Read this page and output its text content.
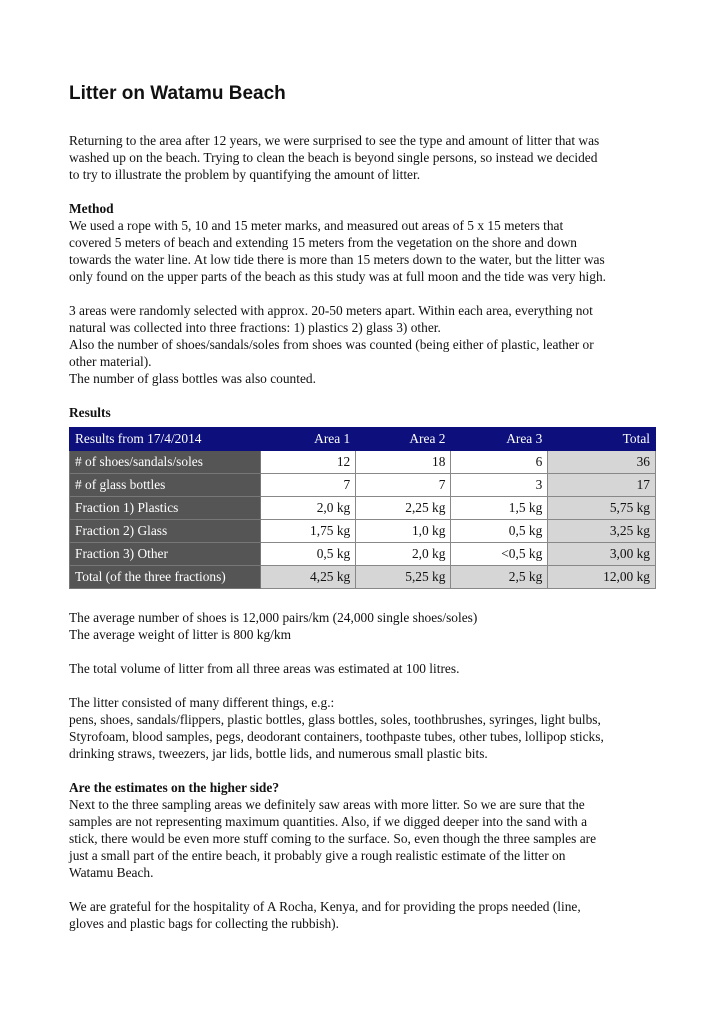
Litter on Watamu Beach

Returning to the area after 12 years, we were surprised to see the type and amount of litter that was
washed up on the beach. Trying to clean the beach is beyond single persons, so instead we decided
to try to illustrate the problem by quantifying the amount of litter.

Method
We used a rope with 5, 10 and 15 meter marks, and measured out areas of 5 x 15 meters that
covered 5 meters of beach and extending 15 meters from the vegetation on the shore and down
towards the water line. At low tide there is more than 15 meters down to the water, but the litter was
only found on the upper parts of the beach as this study was at full moon and the tide was very high.

3 areas were randomly selected with approx. 20-50 meters apart. Within each area, everything not
natural was collected into three fractions: 1) plastics 2) glass 3) other.
Also the number of shoes/sandals/soles from shoes was counted (being either of plastic, leather or
other material).
The number of glass bottles was also counted.

Results
Results from 17/4/2014	Area 1	Area 2	Area 3	Total
# of shoes/sandals/soles	12	18	6	36
# of glass bottles	7	7	3	17
Fraction 1) Plastics	2,0 kg	2,25 kg	1,5 kg	5,75 kg
Fraction 2) Glass	1,75 kg	1,0 kg	0,5 kg	3,25 kg
Fraction 3) Other	0,5 kg	2,0 kg	<0,5 kg	3,00 kg
Total (of the three fractions)	4,25 kg	5,25 kg	2,5 kg	12,00 kg

The average number of shoes is 12,000 pairs/km (24,000 single shoes/soles)
The average weight of litter is 800 kg/km

The total volume of litter from all three areas was estimated at 100 litres.

The litter consisted of many different things, e.g.:
pens, shoes, sandals/flippers, plastic bottles, glass bottles, soles, toothbrushes, syringes, light bulbs,
Styrofoam, blood samples, pegs, deodorant containers, toothpaste tubes, other tubes, lollipop sticks,
drinking straws, tweezers, jar lids, bottle lids, and numerous small plastic bits.

Are the estimates on the higher side?
Next to the three sampling areas we definitely saw areas with more litter. So we are sure that the
samples are not representing maximum quantities. Also, if we digged deeper into the sand with a
stick, there would be even more stuff coming to the surface. So, even though the three samples are
just a small part of the entire beach, it probably give a rough realistic estimate of the litter on
Watamu Beach.

We are grateful for the hospitality of A Rocha, Kenya, and for providing the props needed (line,
gloves and plastic bags for collecting the rubbish).
